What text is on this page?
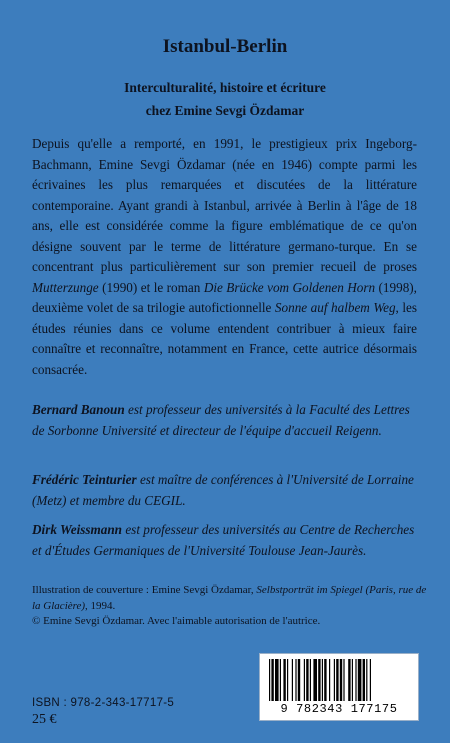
Istanbul-Berlin

Interculturalité, histoire et écriture

chez Emine Sevgi Özdamar

Depuis qu'elle a remporté, en 1991, le prestigieux prix Ingeborg-Bachmann, Emine Sevgi Özdamar (née en 1946) compte parmi les écrivaines les plus remarquées et discutées de la littérature contemporaine. Ayant grandi à Istanbul, arrivée à Berlin à l'âge de 18 ans, elle est considérée comme la figure emblématique de ce qu'on désigne souvent par le terme de littérature germano-turque. En se concentrant plus particulièrement sur son premier recueil de proses Mutterzunge (1990) et le roman Die Brücke vom Goldenen Horn (1998), deuxième volet de sa trilogie autofictionnelle Sonne auf halbem Weg, les études réunies dans ce volume entendent contribuer à mieux faire connaître et reconnaître, notamment en France, cette autrice désormais consacrée.

Bernard Banoun est professeur des universités à la Faculté des Lettres de Sorbonne Université et directeur de l'équipe d'accueil Reigenn.

Frédéric Teinturier est maître de conférences à l'Université de Lorraine (Metz) et membre du CEGIL.

Dirk Weissmann est professeur des universités au Centre de Recherches et d'Études Germaniques de l'Université Toulouse Jean-Jaurès.

Illustration de couverture : Emine Sevgi Özdamar, Selbstporträt im Spiegel (Paris, rue de la Glacière), 1994.
© Emine Sevgi Özdamar. Avec l'aimable autorisation de l'autrice.

9 782343 177175
ISBN : 978-2-343-17717-5
25 €
